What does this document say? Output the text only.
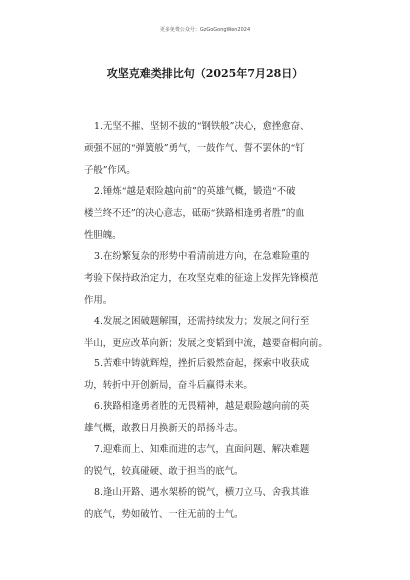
更多免费公众号：GzGoGongWen2024
攻坚克难类排比句（2025年7月28日）
1.无坚不摧、坚韧不拔的“钢铁般”决心，愈挫愈奋、
顽强不屈的“弹簧般”勇气，一鼓作气、誓不罢休的“钉
子般”作风。
2.锤炼“越是艰险越向前”的英雄气概，锻造“不破
楼兰终不还”的决心意志，砥砺“狭路相逢勇者胜”的血
性胆魄。
3.在纷繁复杂的形势中看清前进方向，在急难险重的
考验下保持政治定力，在攻坚克难的征途上发挥先锋模范
作用。
4.发展之困破题解围，还需持续发力；发展之问行至
半山，更应改革向新；发展之变韬到中流，越要奋楫向前。
5.苦难中铸就辉煌，挫折后毅然奋起，探索中收获成
功，转折中开创新局，奋斗后赢得未来。
6.狭路相逢勇者胜的无畏精神，越是艰险越向前的英
雄气概，敢教日月换新天的昂扬斗志。
7.迎难而上、知难而进的志气，直面问题、解决难题
的锐气，较真碰硬、敢于担当的底气。
8.逢山开路、遇水架桥的锐气，横刀立马、舍我其谁
的底气，势如破竹、一往无前的士气。
